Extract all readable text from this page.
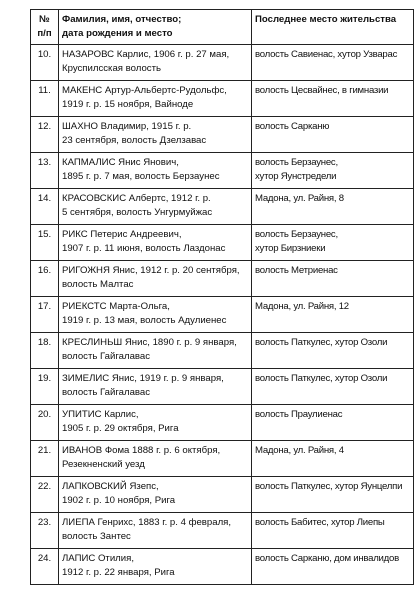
№
п/п	Фамилия, имя, отчество;
дата рождения и место	Последнее место жительства

10.	НАЗАРОВС Карлис, 1906 г. р. 27 мая,
Круспилсская волость	волость Савиенас, хутор Узварас

11.	МАКЕНС Артур-Альбертс-Рудольфс,
1919 г. р. 15 ноября, Вайноде	волость Цесвайнес, в гимназии

12.	ШАХНО Владимир, 1915 г. р.
23 сентября, волость Дзелзавас	волость Сарканю

13.	КАПМАЛИС Янис Янович,
1895 г. р. 7 мая, волость Берзаунес	волость Берзаунес,
хутор Яунстредели

14.	КРАСОВСКИС Албертс, 1912 г. р.
5 сентября, волость Унгурмуйжас	Мадона, ул. Райня, 8

15.	РИКС Петерис Андреевич,
1907 г. р. 11 июня, волость Лаздонас	волость Берзаунес,
хутор Бирзниеки

16.	РИГОЖНЯ Янис, 1912 г. р. 20 сентября,
волость Малтас	волость Метриенас

17.	РИЕКСТС Марта-Ольга,
1919 г. р. 13 мая, волость Адулиенес	Мадона, ул. Райня, 12

18.	КРЕСЛИНЬШ Янис, 1890 г. р. 9 января,
волость Гайгалавас	волость Паткулес, хутор Озоли

19.	ЗИМЕЛИС Янис, 1919 г. р. 9 января,
волость Гайгалавас	волость Паткулес, хутор Озоли

20.	УПИТИС Карлис,
1905 г. р. 29 октября, Рига	волость Праулиенас

21.	ИВАНОВ Фома 1888 г. р. 6 октября,
Резекненский уезд	Мадона, ул. Райня, 4

22.	ЛАПКОВСКИЙ Язепс,
1902 г. р. 10 ноября, Рига	волость Паткулес, хутор Яунцелпи

23.	ЛИЕПА Генрихс, 1883 г. р. 4 февраля,
волость Зантес	волость Бабитес, хутор Лиепы

24.	ЛАПИС Отилия,
1912 г. р. 22 января, Рига	волость Сарканю, дом инвалидов
